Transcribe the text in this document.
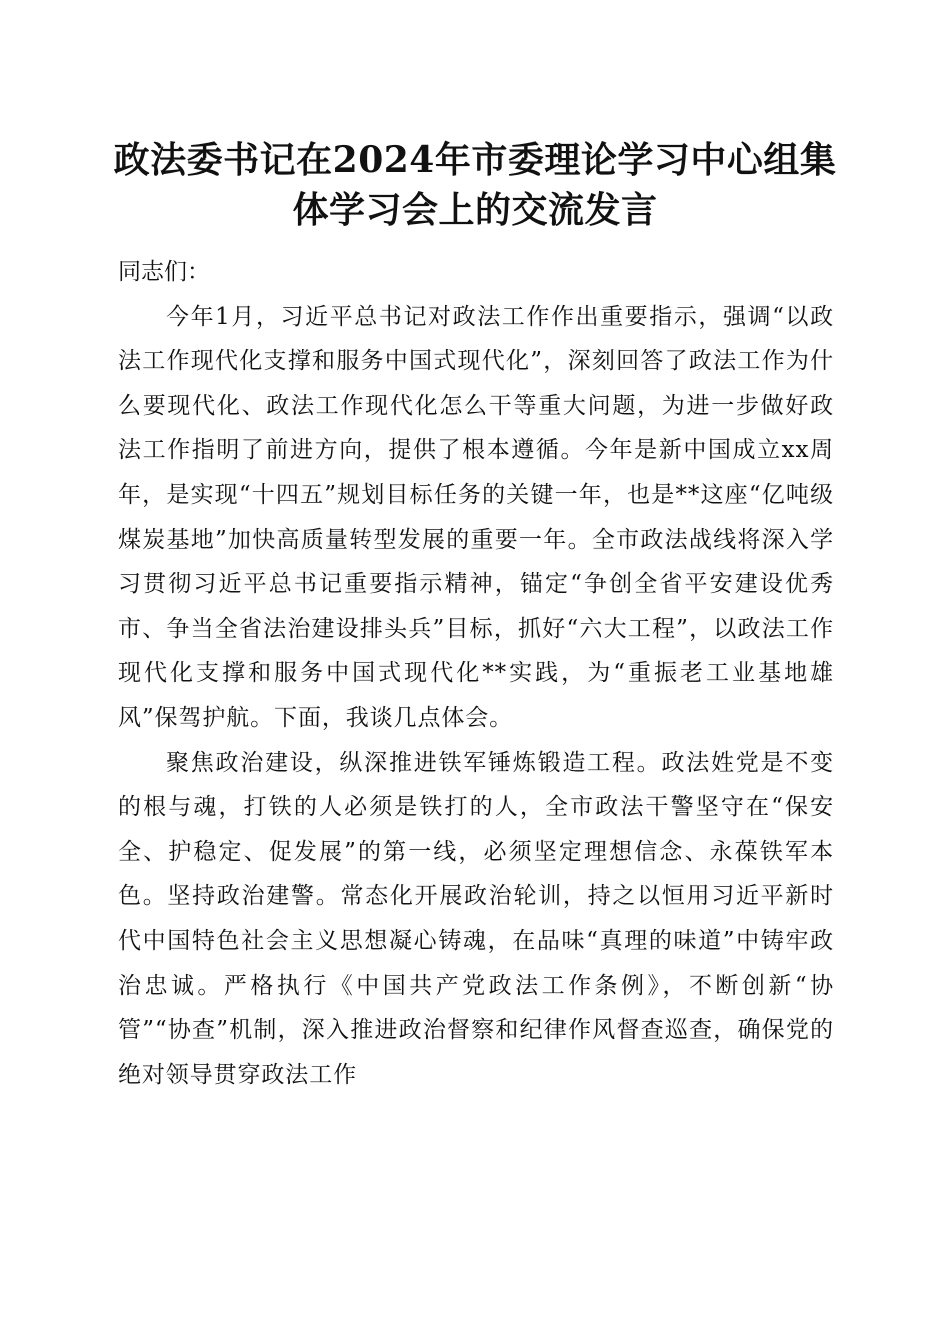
政法委书记在2024年市委理论学习中心组集
体学习会上的交流发言

同志们：

今年1月，习近平总书记对政法工作作出重要指示，强调“以政法工作现代化支撑和服务中国式现代化”，深刻回答了政法工作为什么要现代化、政法工作现代化怎么干等重大问题，为进一步做好政法工作指明了前进方向，提供了根本遵循。今年是新中国成立xx周年，是实现“十四五”规划目标任务的关键一年，也是**这座“亿吨级煤炭基地”加快高质量转型发展的重要一年。全市政法战线将深入学习贯彻习近平总书记重要指示精神，锚定“争创全省平安建设优秀市、争当全省法治建设排头兵”目标，抓好“六大工程”，以政法工作现代化支撑和服务中国式现代化**实践，为“重振老工业基地雄风”保驾护航。下面，我谈几点体会。

聚焦政治建设，纵深推进铁军锤炼锻造工程。政法姓党是不变的根与魂，打铁的人必须是铁打的人，全市政法干警坚守在“保安全、护稳定、促发展”的第一线，必须坚定理想信念、永葆铁军本色。坚持政治建警。常态化开展政治轮训，持之以恒用习近平新时代中国特色社会主义思想凝心铸魂，在品味“真理的味道”中铸牢政治忠诚。严格执行《中国共产党政法工作条例》，不断创新“协管”“协查”机制，深入推进政治督察和纪律作风督查巡查，确保党的绝对领导贯穿政法工作
